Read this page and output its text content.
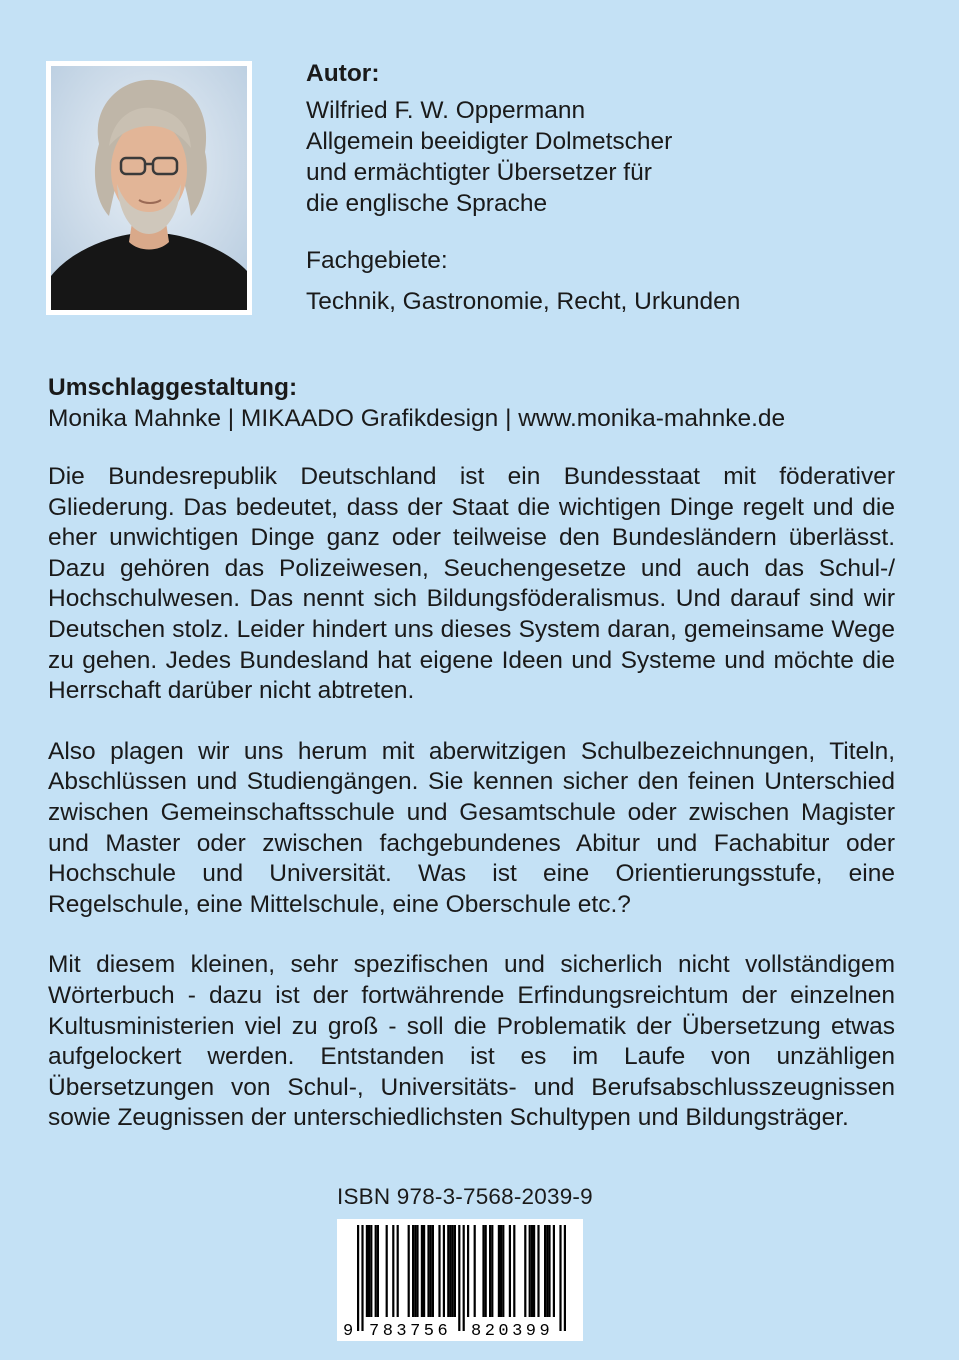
Autor:
Wilfried F. W. Oppermann
Allgemein beeidigter Dolmetscher
und ermächtigter Übersetzer für
die englische Sprache
Fachgebiete:
Technik, Gastronomie, Recht, Urkunden
Umschlaggestaltung:
Monika Mahnke | MIKAADO Grafikdesign | www.monika-mahnke.de

Die Bundesrepublik Deutschland ist ein Bundesstaat mit föderativer Gliederung. Das bedeutet, dass der Staat die wichtigen Dinge regelt und die eher unwichtigen Dinge ganz oder teilweise den Bundesländern überlässt. Dazu gehören das Polizeiwesen, Seuchengesetze und auch das Schul-/ Hochschulwesen. Das nennt sich Bildungsföderalismus. Und darauf sind wir Deutschen stolz. Leider hindert uns dieses System daran, gemeinsame Wege zu gehen. Jedes Bundesland hat eigene Ideen und Systeme und möchte die Herrschaft darüber nicht abtreten.

Also plagen wir uns herum mit aberwitzigen Schulbezeichnungen, Titeln, Abschlüssen und Studiengängen. Sie kennen sicher den feinen Unterschied zwischen Gemeinschaftsschule und Gesamtschule oder zwischen Magister und Master oder zwischen fachgebundenes Abitur und Fachabitur oder Hochschule und Universität. Was ist eine Orientierungsstufe, eine Regelschule, eine Mittelschule, eine Oberschule etc.?

Mit diesem kleinen, sehr spezifischen und sicherlich nicht vollständigem Wörterbuch - dazu ist der fortwährende Erfindungsreichtum der einzelnen Kultusministerien viel zu groß - soll die Problematik der Übersetzung etwas aufgelockert werden. Entstanden ist es im Laufe von unzähligen Übersetzungen von Schul-, Universitäts- und Berufsabschlusszeugnissen sowie Zeugnissen der unterschiedlichsten Schultypen und Bildungsträger.

ISBN 978-3-7568-2039-9
9 783756 820399
